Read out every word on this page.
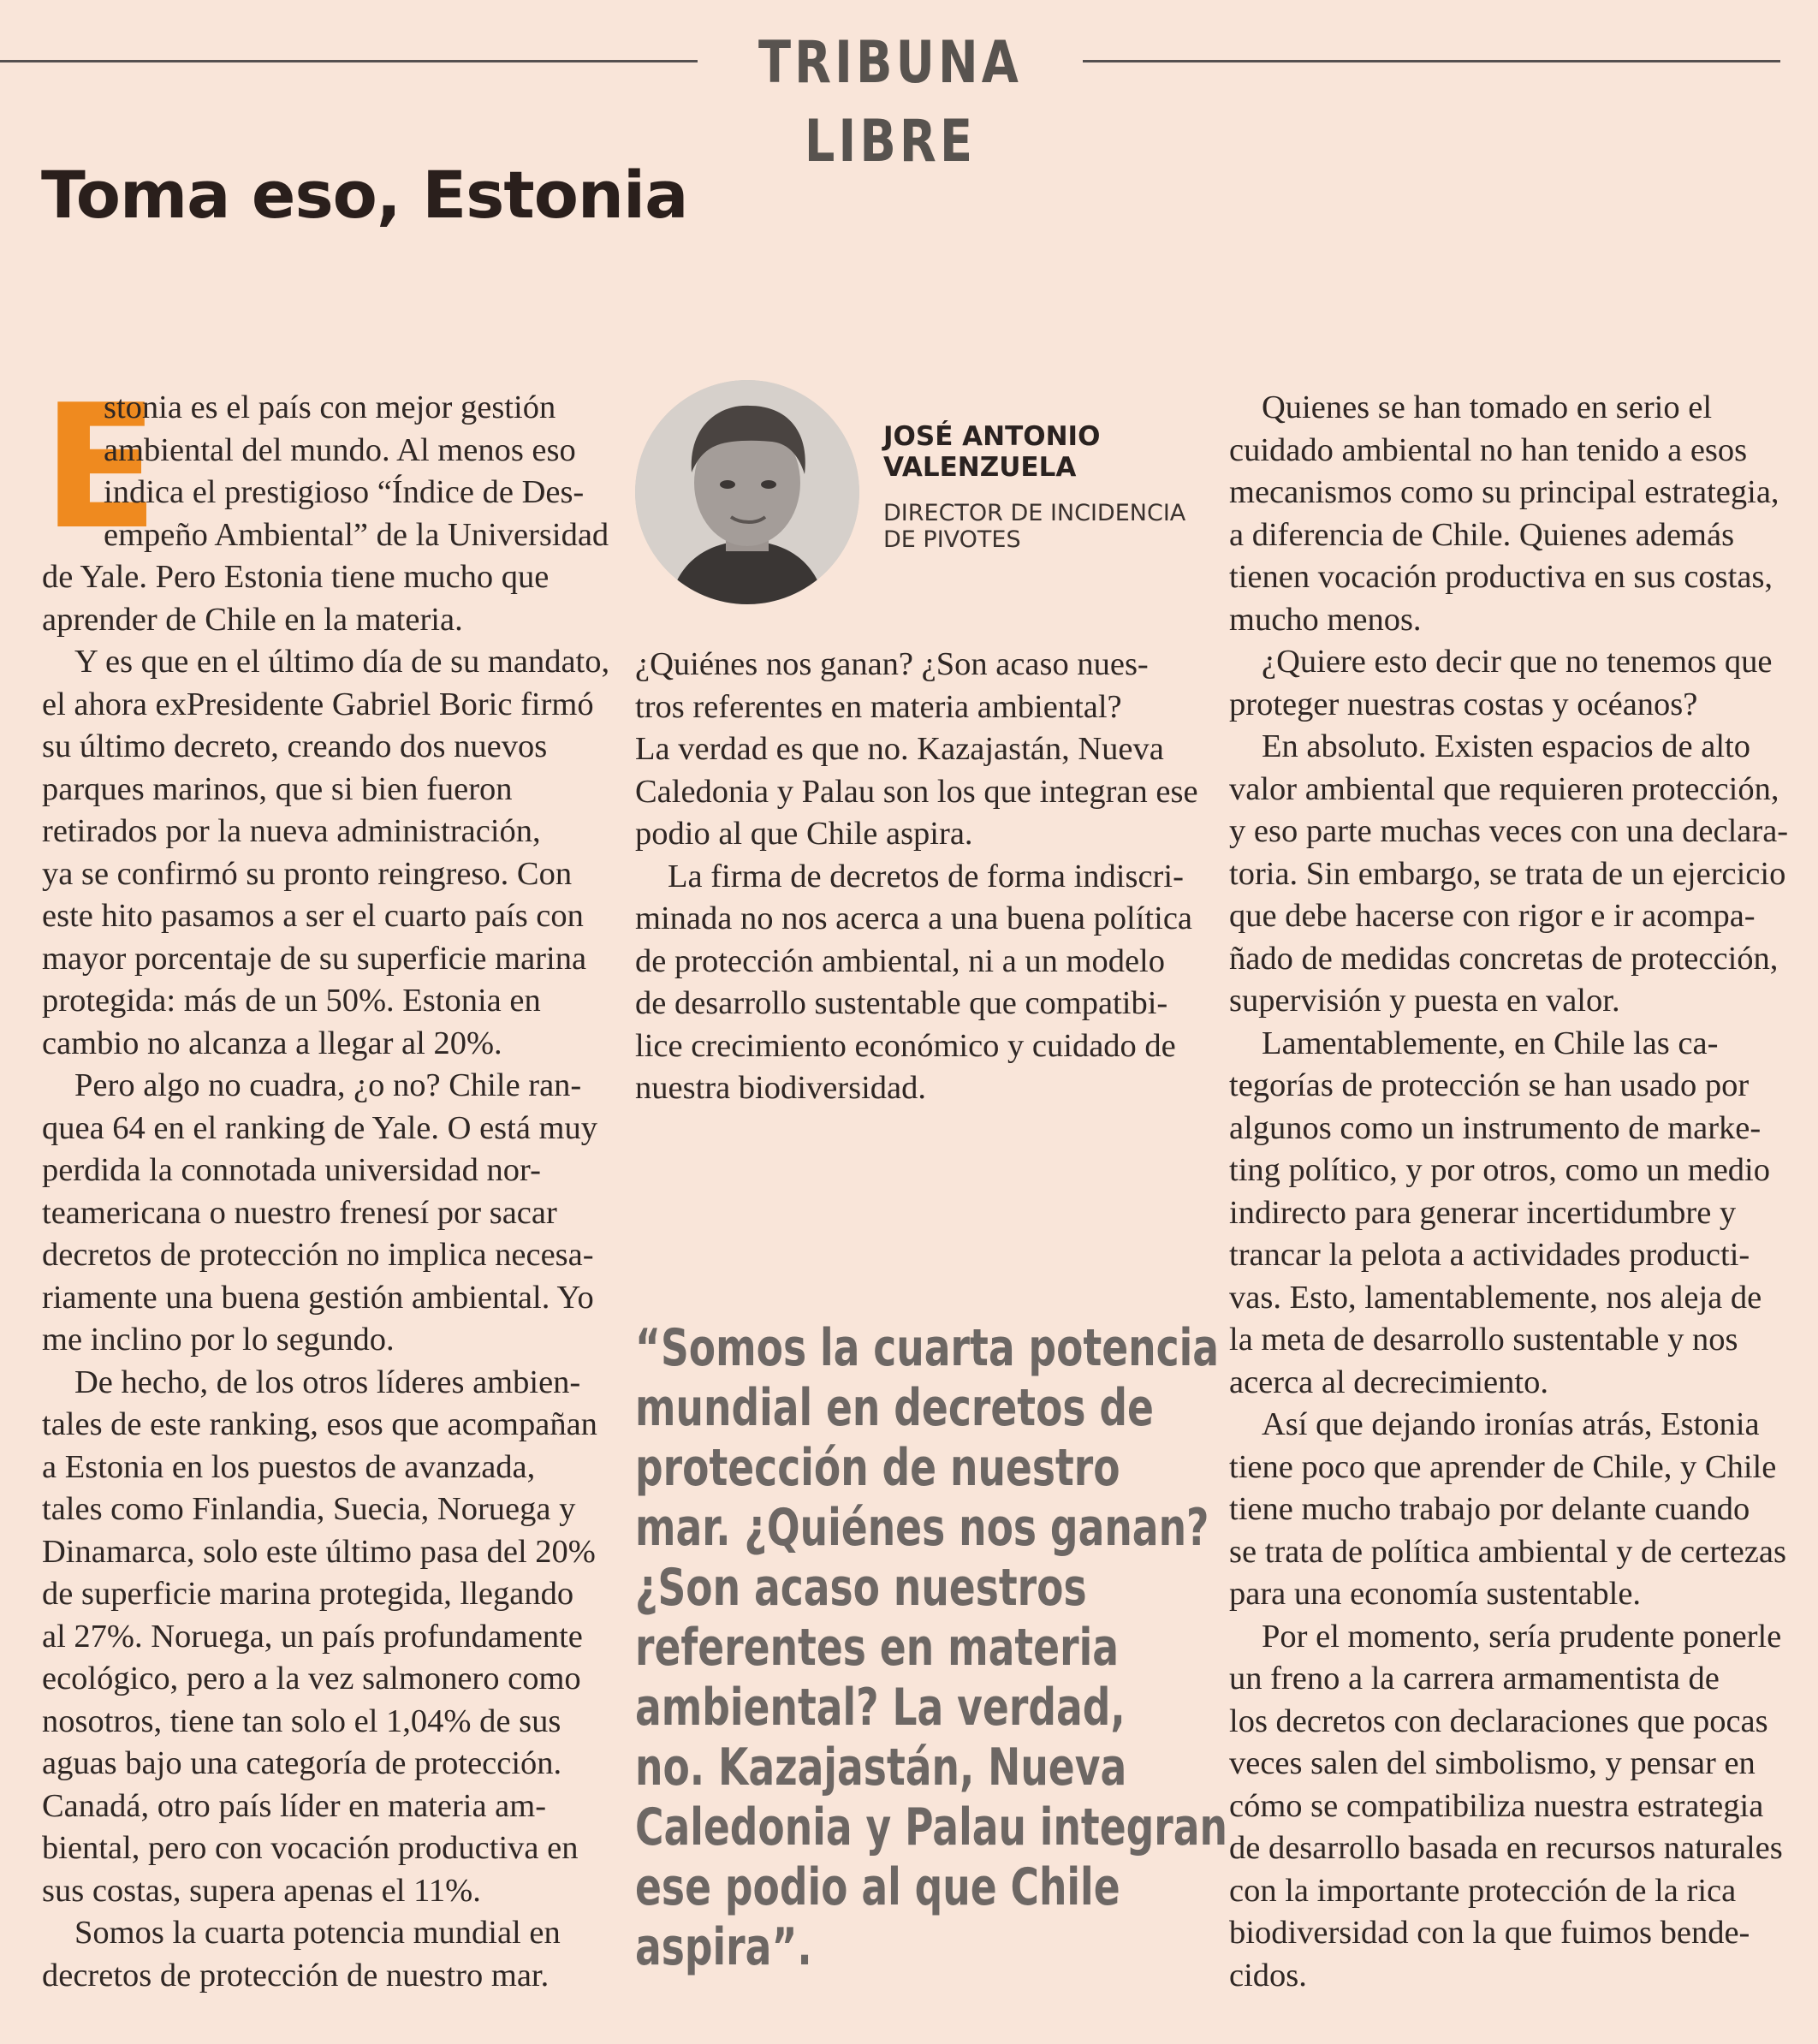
TRIBUNA LIBRE
Toma eso, Estonia

E
stonia es el país con mejor gestión
ambiental del mundo. Al menos eso
indica el prestigioso “Índice de Des-
empeño Ambiental” de la Universidad
de Yale. Pero Estonia tiene mucho que
aprender de Chile en la materia.

Y es que en el último día de su mandato,
el ahora exPresidente Gabriel Boric firmó
su último decreto, creando dos nuevos
parques marinos, que si bien fueron
retirados por la nueva administración,
ya se confirmó su pronto reingreso. Con
este hito pasamos a ser el cuarto país con
mayor porcentaje de su superficie marina
protegida: más de un 50%. Estonia en
cambio no alcanza a llegar al 20%.

Pero algo no cuadra, ¿o no? Chile ran-
quea 64 en el ranking de Yale. O está muy
perdida la connotada universidad nor-
teamericana o nuestro frenesí por sacar
decretos de protección no implica necesa-
riamente una buena gestión ambiental. Yo
me inclino por lo segundo.

De hecho, de los otros líderes ambien-
tales de este ranking, esos que acompañan
a Estonia en los puestos de avanzada,
tales como Finlandia, Suecia, Noruega y
Dinamarca, solo este último pasa del 20%
de superficie marina protegida, llegando
al 27%. Noruega, un país profundamente
ecológico, pero a la vez salmonero como
nosotros, tiene tan solo el 1,04% de sus
aguas bajo una categoría de protección.
Canadá, otro país líder en materia am-
biental, pero con vocación productiva en
sus costas, supera apenas el 11%.

Somos la cuarta potencia mundial en
decretos de protección de nuestro mar.

JOSÉ ANTONIO
VALENZUELA
DIRECTOR DE INCIDENCIA
DE PIVOTES

¿Quiénes nos ganan? ¿Son acaso nues-
tros referentes en materia ambiental?
La verdad es que no. Kazajastán, Nueva
Caledonia y Palau son los que integran ese
podio al que Chile aspira.

La firma de decretos de forma indiscri-
minada no nos acerca a una buena política
de protección ambiental, ni a un modelo
de desarrollo sustentable que compatibi-
lice crecimiento económico y cuidado de
nuestra biodiversidad.

“Somos la cuarta potencia
mundial en decretos de
protección de nuestro
mar. ¿Quiénes nos ganan?
¿Son acaso nuestros
referentes en materia
ambiental? La verdad,
no. Kazajastán, Nueva
Caledonia y Palau integran
ese podio al que Chile
aspira”.

Quienes se han tomado en serio el
cuidado ambiental no han tenido a esos
mecanismos como su principal estrategia,
a diferencia de Chile. Quienes además
tienen vocación productiva en sus costas,
mucho menos.

¿Quiere esto decir que no tenemos que
proteger nuestras costas y océanos?

En absoluto. Existen espacios de alto
valor ambiental que requieren protección,
y eso parte muchas veces con una declara-
toria. Sin embargo, se trata de un ejercicio
que debe hacerse con rigor e ir acompa-
ñado de medidas concretas de protección,
supervisión y puesta en valor.

Lamentablemente, en Chile las ca-
tegorías de protección se han usado por
algunos como un instrumento de marke-
ting político, y por otros, como un medio
indirecto para generar incertidumbre y
trancar la pelota a actividades producti-
vas. Esto, lamentablemente, nos aleja de
la meta de desarrollo sustentable y nos
acerca al decrecimiento.

Así que dejando ironías atrás, Estonia
tiene poco que aprender de Chile, y Chile
tiene mucho trabajo por delante cuando
se trata de política ambiental y de certezas
para una economía sustentable.

Por el momento, sería prudente ponerle
un freno a la carrera armamentista de
los decretos con declaraciones que pocas
veces salen del simbolismo, y pensar en
cómo se compatibiliza nuestra estrategia
de desarrollo basada en recursos naturales
con la importante protección de la rica
biodiversidad con la que fuimos bende-
cidos.
